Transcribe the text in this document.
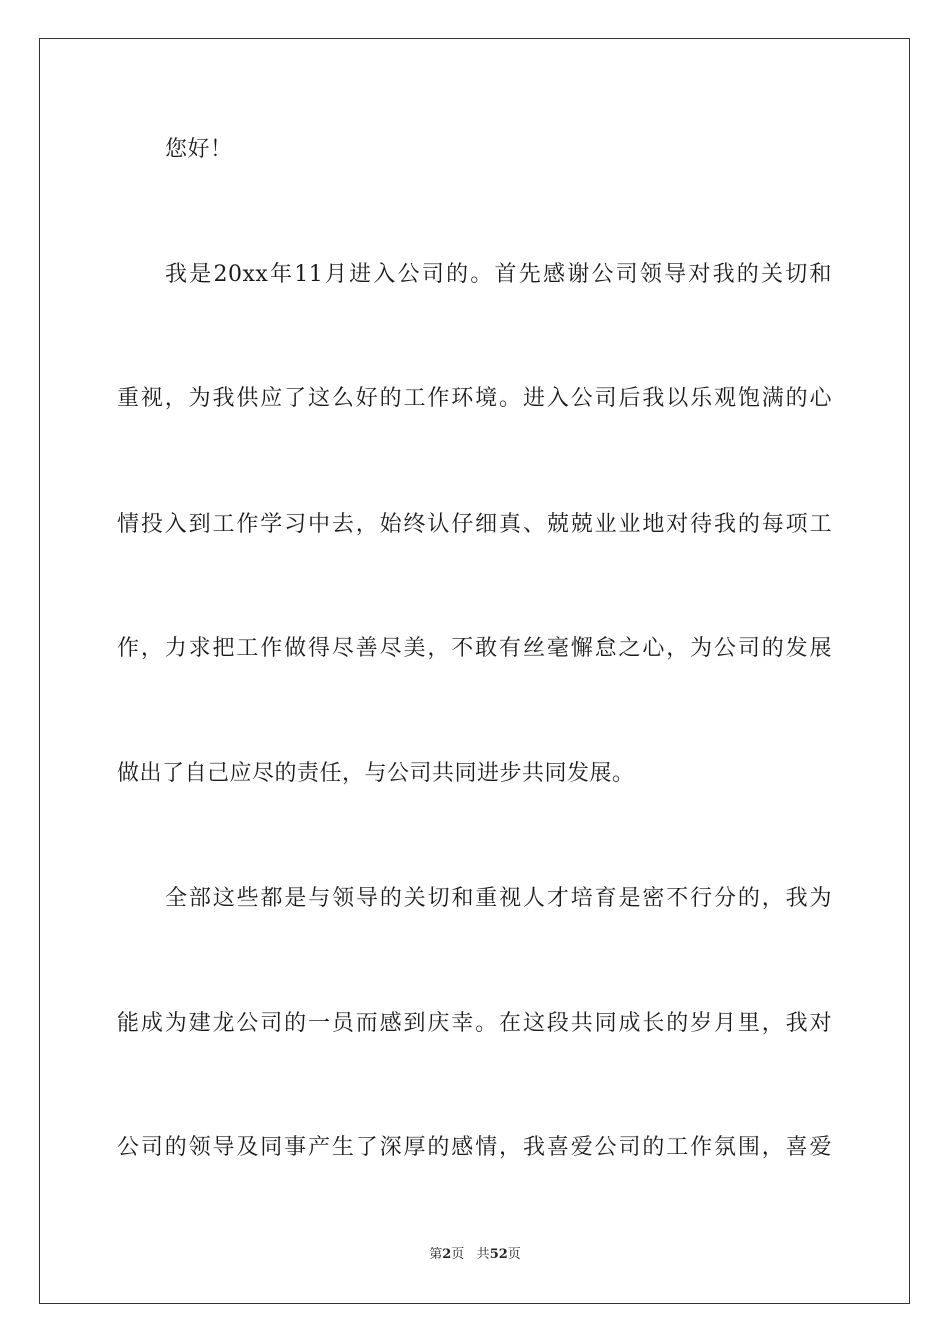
您好！
我是20xx年11月进入公司的。首先感谢公司领导对我的关切和
重视，为我供应了这么好的工作环境。进入公司后我以乐观饱满的心
情投入到工作学习中去，始终认仔细真、兢兢业业地对待我的每项工
作，力求把工作做得尽善尽美，不敢有丝毫懈怠之心，为公司的发展
做出了自己应尽的责任，与公司共同进步共同发展。
全部这些都是与领导的关切和重视人才培育是密不行分的，我为
能成为建龙公司的一员而感到庆幸。在这段共同成长的岁月里，我对
公司的领导及同事产生了深厚的感情，我喜爱公司的工作氛围，喜爱
第2页 共52页
